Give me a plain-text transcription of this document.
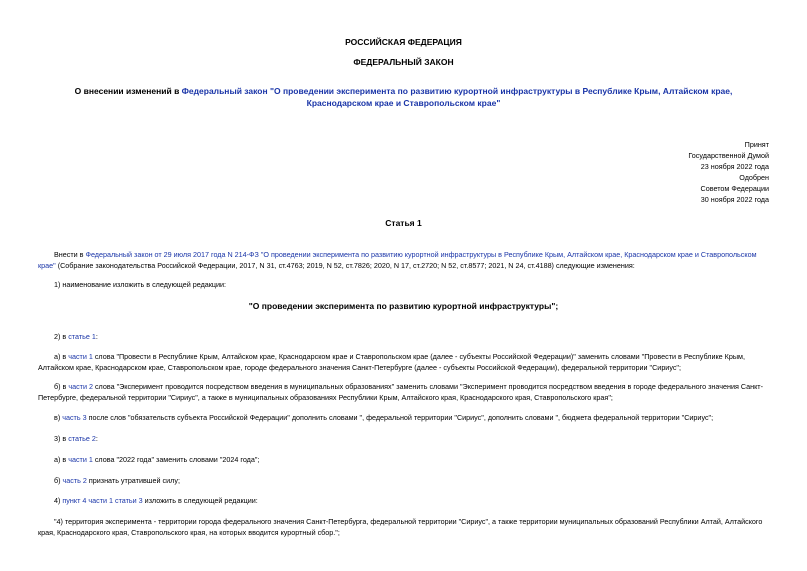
РОССИЙСКАЯ ФЕДЕРАЦИЯ
ФЕДЕРАЛЬНЫЙ ЗАКОН
О внесении изменений в Федеральный закон "О проведении эксперимента по развитию курортной инфраструктуры в Республике Крым, Алтайском крае,
Краснодарском крае и Ставропольском крае"
Принят
Государственной Думой
23 ноября 2022 года
Одобрен
Советом Федерации
30 ноября 2022 года
Статья 1
Внести в Федеральный закон от 29 июля 2017 года N 214-ФЗ "О проведении эксперимента по развитию курортной инфраструктуры в Республике Крым, Алтайском крае, Краснодарском крае и Ставропольском крае" (Собрание законодательства Российской Федерации, 2017, N 31, ст.4763; 2019, N 52, ст.7826; 2020, N 17, ст.2720; N 52, ст.8577; 2021, N 24, ст.4188) следующие изменения:
1) наименование изложить в следующей редакции:
"О проведении эксперимента по развитию курортной инфраструктуры";
2) в статье 1:
а) в части 1 слова "Провести в Республике Крым, Алтайском крае, Краснодарском крае и Ставропольском крае (далее - субъекты Российской Федерации)" заменить словами "Провести в Республике Крым, Алтайском крае, Краснодарском крае, Ставропольском крае, городе федерального значения Санкт-Петербурге (далее - субъекты Российской Федерации), федеральной территории "Сириус";
б) в части 2 слова "Эксперимент проводится посредством введения в муниципальных образованиях" заменить словами "Эксперимент проводится посредством введения в городе федерального значения Санкт-Петербурге, федеральной территории "Сириус", а также в муниципальных образованиях Республики Крым, Алтайского края, Краснодарского края, Ставропольского края";
в) часть 3 после слов "обязательств субъекта Российской Федерации" дополнить словами ", федеральной территории "Сириус", дополнить словами ", бюджета федеральной территории "Сириус";
3) в статье 2:
а) в части 1 слова "2022 года" заменить словами "2024 года";
б) часть 2 признать утратившей силу;
4) пункт 4 части 1 статьи 3 изложить в следующей редакции:
"4) территория эксперимента - территории города федерального значения Санкт-Петербурга, федеральной территории "Сириус", а также территории муниципальных образований Республики Алтай, Алтайского края, Краснодарского края, Ставропольского края, на которых вводится курортный сбор.";
